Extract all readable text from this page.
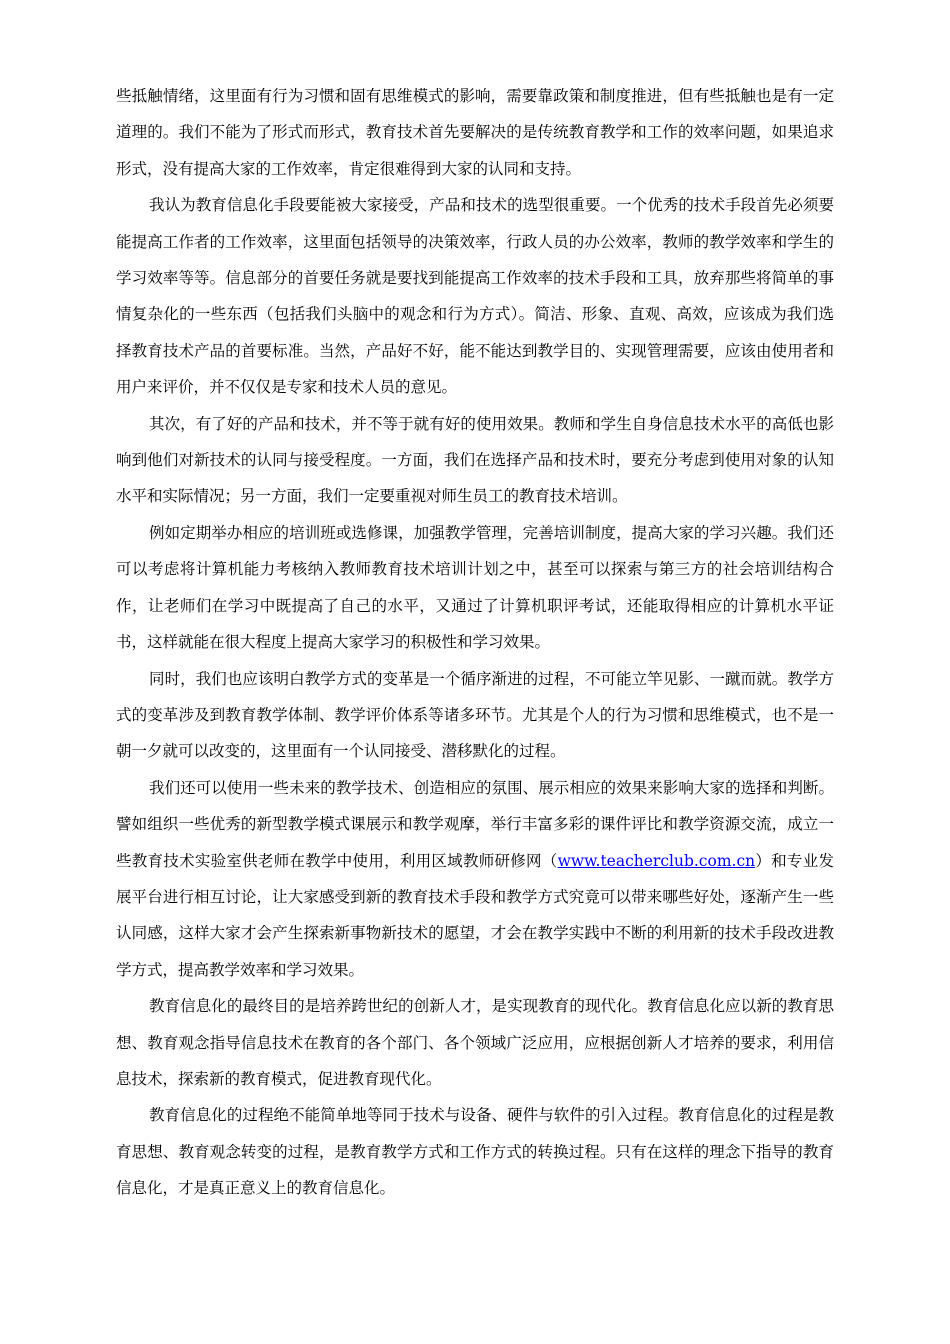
些抵触情绪，这里面有行为习惯和固有思维模式的影响，需要靠政策和制度推进，但有些抵触也是有一定道理的。我们不能为了形式而形式，教育技术首先要解决的是传统教育教学和工作的效率问题，如果追求形式，没有提高大家的工作效率，肯定很难得到大家的认同和支持。

我认为教育信息化手段要能被大家接受，产品和技术的选型很重要。一个优秀的技术手段首先必须要能提高工作者的工作效率，这里面包括领导的决策效率，行政人员的办公效率，教师的教学效率和学生的学习效率等等。信息部分的首要任务就是要找到能提高工作效率的技术手段和工具，放弃那些将简单的事情复杂化的一些东西（包括我们头脑中的观念和行为方式）。简洁、形象、直观、高效，应该成为我们选择教育技术产品的首要标准。当然，产品好不好，能不能达到教学目的、实现管理需要，应该由使用者和用户来评价，并不仅仅是专家和技术人员的意见。

其次，有了好的产品和技术，并不等于就有好的使用效果。教师和学生自身信息技术水平的高低也影响到他们对新技术的认同与接受程度。一方面，我们在选择产品和技术时，要充分考虑到使用对象的认知水平和实际情况；另一方面，我们一定要重视对师生员工的教育技术培训。

例如定期举办相应的培训班或选修课，加强教学管理，完善培训制度，提高大家的学习兴趣。我们还可以考虑将计算机能力考核纳入教师教育技术培训计划之中，甚至可以探索与第三方的社会培训结构合作，让老师们在学习中既提高了自己的水平，又通过了计算机职评考试，还能取得相应的计算机水平证书，这样就能在很大程度上提高大家学习的积极性和学习效果。

同时，我们也应该明白教学方式的变革是一个循序渐进的过程，不可能立竿见影、一蹴而就。教学方式的变革涉及到教育教学体制、教学评价体系等诸多环节。尤其是个人的行为习惯和思维模式，也不是一朝一夕就可以改变的，这里面有一个认同接受、潜移默化的过程。

我们还可以使用一些未来的教学技术、创造相应的氛围、展示相应的效果来影响大家的选择和判断。譬如组织一些优秀的新型教学模式课展示和教学观摩，举行丰富多彩的课件评比和教学资源交流，成立一些教育技术实验室供老师在教学中使用，利用区域教师研修网（www.teacherclub.com.cn）和专业发展平台进行相互讨论，让大家感受到新的教育技术手段和教学方式究竟可以带来哪些好处，逐渐产生一些认同感，这样大家才会产生探索新事物新技术的愿望，才会在教学实践中不断的利用新的技术手段改进教学方式，提高教学效率和学习效果。

教育信息化的最终目的是培养跨世纪的创新人才，是实现教育的现代化。教育信息化应以新的教育思想、教育观念指导信息技术在教育的各个部门、各个领域广泛应用，应根据创新人才培养的要求，利用信息技术，探索新的教育模式，促进教育现代化。

教育信息化的过程绝不能简单地等同于技术与设备、硬件与软件的引入过程。教育信息化的过程是教育思想、教育观念转变的过程，是教育教学方式和工作方式的转换过程。只有在这样的理念下指导的教育信息化，才是真正意义上的教育信息化。
